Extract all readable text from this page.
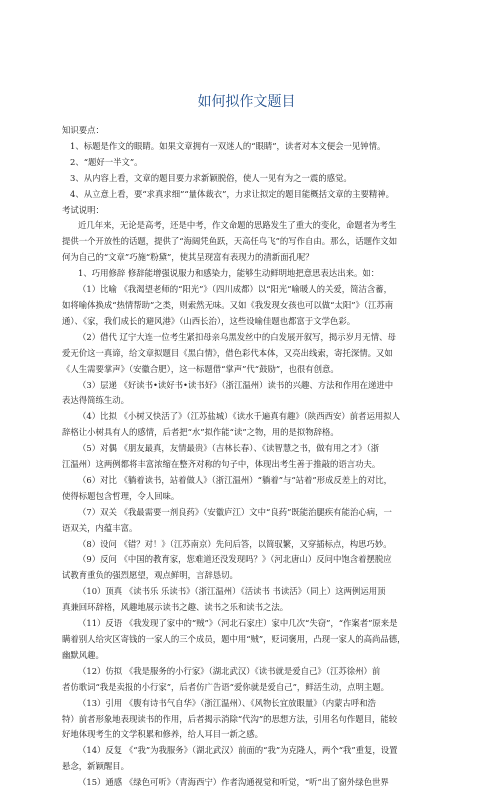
如何拟作文题目
知识要点：
1、标题是作文的眼睛。如果文章拥有一双迷人的“眼睛”，读者对本文便会一见钟情。
2、“题好一半文”。
3、从内容上看，文章的题目要力求新颖脱俗，使人一见有为之一震的感觉。
4、从立意上看，要“求真求细”“量体裁衣”，力求让拟定的题目能概括文章的主要精神。
考试说明：
近几年来，无论是高考，还是中考，作文命题的思路发生了重大的变化，命题者为考生
提供一个开放性的话题，提供了“海阔凭鱼跃，天高任鸟飞”的写作自由。那么，话题作文如
何为自己的“文章”巧施“粉黛”，使其呈现富有表现力的清新面孔呢？
1、巧用修辞 修辞能增强说服力和感染力，能够生动鲜明地把意思表达出来。如：
（1）比喻 《我渴望老师的“阳光”》（四川成都）以“阳光”喻暖人的关爱，简洁含蓄，
如将喻体换成“热情帮助”之类，则索然无味。又如《我发现女孩也可以做“太阳”》（江苏南
通）、《家，我们成长的避风港》（山西长治），这些设喻佳题也都富于文学色彩。
（2）借代 辽宁大连一位考生紧扣母亲乌黑发丝中的白发展开叙写，揭示岁月无情、母
爱无价这一真谛，给文章拟题目《黑白情》，借色彩代本体，又亮出线索，寄托深情。又如
《人生需要掌声》（安徽合肥），这一标题借“掌声”代“鼓励”，也很有创意。
（3）层递 《好读书•读好书•读书好》（浙江温州）读书的兴趣、方法和作用在递进中
表达得简练生动。
（4）比拟 《小树又快活了》（江苏盐城）《读水千遍真有趣》（陕西西安）前者运用拟人
辞格让小树具有人的感情，后者把“水”拟作能“读”之物，用的是拟物辞格。
（5）对偶 《朋友最真，友情最贵》（吉林长春）、《读智慧之书，做有用之才》（浙
江温州）这两例都将丰富浓缩在整齐对称的句子中，体现出考生善于推敲的语言功夫。
（6）对比 《躺着读书，站着做人》（浙江温州）“躺着”与“站着”形成反差上的对比，
使得标题包含哲理，令人回味。
（7）双关 《我最需要一剂良药》（安徽庐江）文中“良药”既能治腿疾有能治心病，一
语双关，内蕴丰富。
（8）设问 《错？对！》（江苏南京）先问后答，以简驭繁，又穿插标点，构思巧妙。
（9）反问 《中国的教育家，您难道还没发现吗？》（河北唐山）反问中饱含着摆脱应
试教育重负的强烈愿望，观点鲜明，言辞恳切。
（10）顶真 《读书乐 乐读书》（浙江温州）《活读书 书读活》（同上）这两例运用顶
真兼回环辞格，风趣地展示读书之趣、读书之乐和读书之法。
（11）反语 《我发现了家中的“贼”》（河北石家庄）家中几次“失窃”，“作案者”原来是
瞒着别人给灾区寄钱的一家人的三个成员，题中用“贼”，贬词褒用，凸现一家人的高尚品德，
幽默风趣。
（12）仿拟 《我是服务的小行家》（湖北武汉）《读书就是爱自己》（江苏徐州）前
者仿歌词“我是卖报的小行家”，后者仿广告语“爱你就是爱自己”，鲜活生动，点明主题。
（13）引用 《腹有诗书气自华》（浙江温州）、《风物长宜放眼量》（内蒙古呼和浩
特）前者形象地表现读书的作用，后者揭示消除“代沟”的思想方法，引用名句作题目，能较
好地体现考生的文学积累和修养，给人耳目一新之感。
（14）反复 《“我”为我服务》（湖北武汉）前面的“我”为克隆人，两个“我”重复，设置
悬念，新颖醒目。
（15）通感 《绿色可听》（青海西宁）作者沟通视觉和听觉，“听”出了窗外绿色世界
